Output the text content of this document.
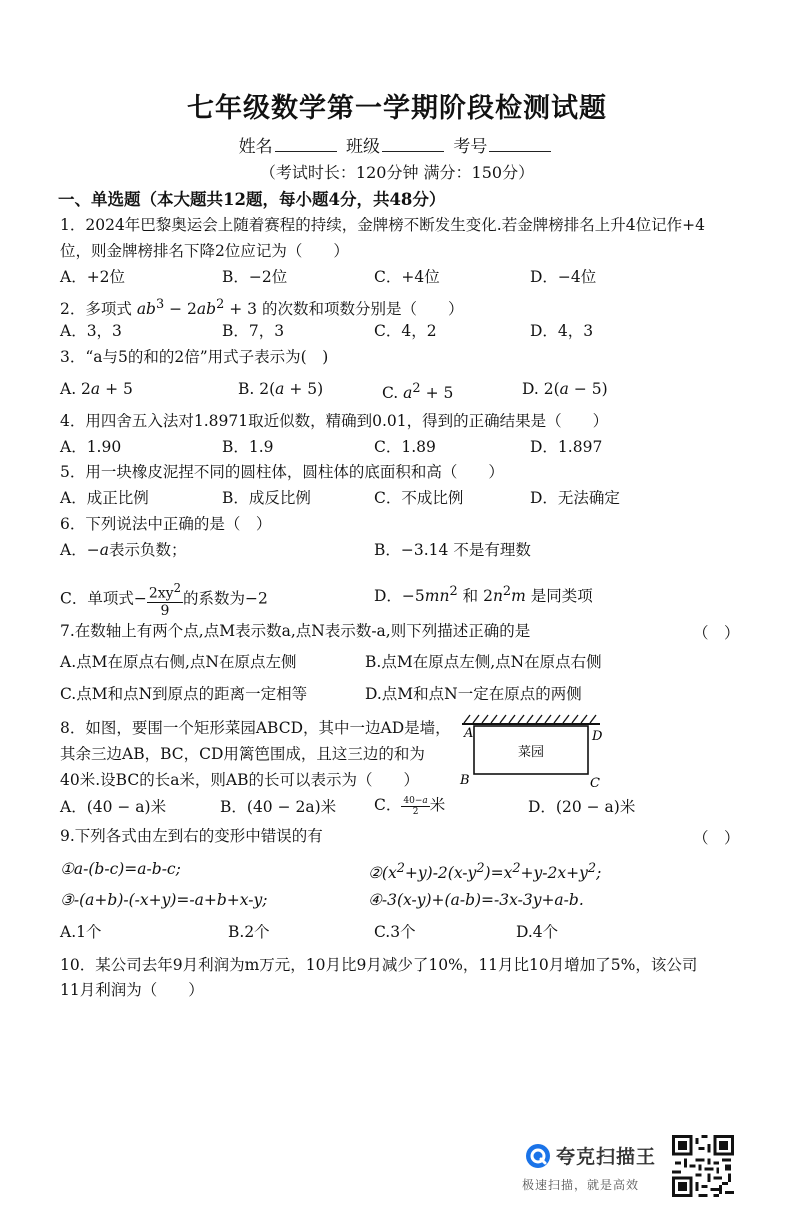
七年级数学第一学期阶段检测试题
姓名	班级	考号
（考试时长：120分钟 满分：150分）
一、单选题（本大题共12题，每小题4分，共48分）
1．2024年巴黎奥运会上随着赛程的持续，金牌榜不断发生变化.若金牌榜排名上升4位记作+4
位，则金牌榜排名下降2位应记为（　　）
A．+2位	B．−2位	C．+4位	D．−4位
2．多项式 $ab^3 - 2ab^2 + 3$ 的次数和项数分别是（　　）
A．3，3	B．7，3	C．4，2	D．4，3
3．“a与5的和的2倍”用式子表示为(　)
A. 2a + 5	B. 2(a + 5)	C. $a^2 + 5$	D. 2(a − 5)
4．用四舍五入法对1.8971取近似数，精确到0.01，得到的正确结果是（　　）
A．1.90	B．1.9	C．1.89	D．1.897
5．用一块橡皮泥捏不同的圆柱体，圆柱体的底面积和高（　　）
A．成正比例	B．成反比例	C．不成比例	D．无法确定
6．下列说法中正确的是（　）
A．−a表示负数；	B．−3.14 不是有理数
C．单项式− $\frac{2xy^2}{9}$ 的系数为−2	D．$-5mn^2$ 和 $2n^2m$ 是同类项
7.在数轴上有两个点,点M表示数a,点N表示数-a,则下列描述正确的是	（　）
A.点M在原点右侧,点N在原点左侧	B.点M在原点左侧,点N在原点右侧
C.点M和点N到原点的距离一定相等	D.点M和点N一定在原点的两侧
8．如图，要围一个矩形菜园ABCD，其中一边AD是墙，
其余三边AB，BC，CD用篱笆围成，且这三边的和为
40米.设BC的长a米，则AB的长可以表示为（　　）
A	D
B	C
菜园
A．(40 − a)米	B．(40 − 2a)米 C． $\frac{40-a}{2}$ 米	D．(20 − a)米
9.下列各式由左到右的变形中错误的有	（　）
①a-(b-c)=a-b-c;	$②(x^2+y)-2(x-y^2)=x^2+y-2x+y^2$;
③-(a+b)-(-x+y)=-a+b+x-y;	④-3(x-y)+(a-b)=-3x-3y+a-b.
A.1个	B.2个	C.3个	D.4个
10．某公司去年9月利润为m万元，10月比9月减少了10%，11月比10月增加了5%，该公司
11月利润为（　　）
夸克扫描王
极速扫描，就是高效
